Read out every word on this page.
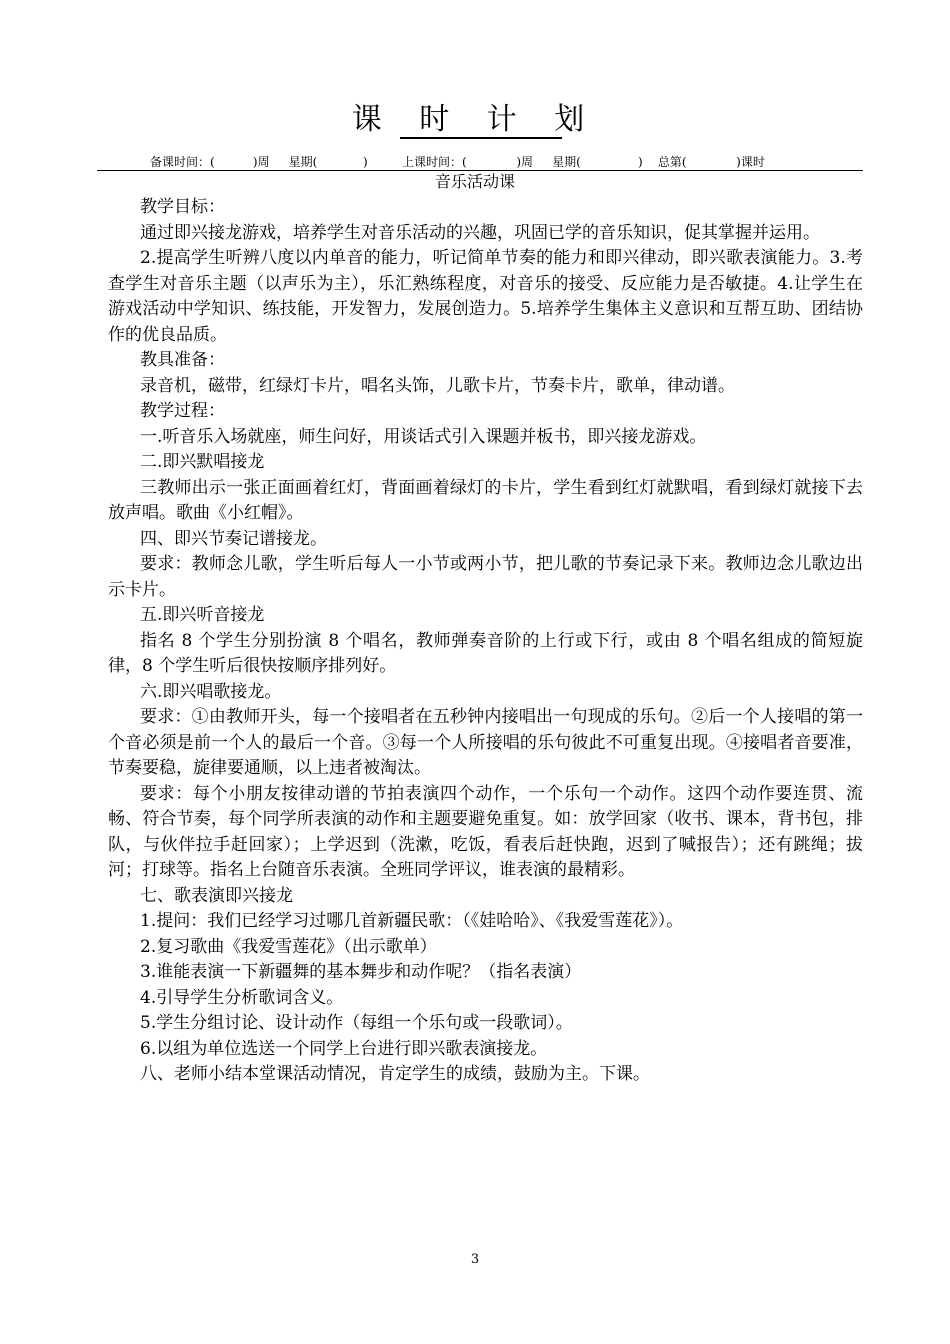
课 时 计 划
备课时间：(          )周     星期(            )         上课时间：(             )周     星期(               )    总第(             )课时
音乐活动课

教学目标：

通过即兴接龙游戏，培养学生对音乐活动的兴趣，巩固已学的音乐知识，促其掌握并运用。

2.提高学生听辨八度以内单音的能力，听记简单节奏的能力和即兴律动，即兴歌表演能力。3.考查学生对音乐主题（以声乐为主），乐汇熟练程度，对音乐的接受、反应能力是否敏捷。4.让学生在游戏活动中学知识、练技能，开发智力，发展创造力。5.培养学生集体主义意识和互帮互助、团结协作的优良品质。

教具准备：

录音机，磁带，红绿灯卡片，唱名头饰，儿歌卡片，节奏卡片，歌单，律动谱。

教学过程：

一.听音乐入场就座，师生问好，用谈话式引入课题并板书，即兴接龙游戏。

二.即兴默唱接龙

三教师出示一张正面画着红灯，背面画着绿灯的卡片，学生看到红灯就默唱，看到绿灯就接下去放声唱。歌曲《小红帽》。

四、即兴节奏记谱接龙。

要求：教师念儿歌，学生听后每人一小节或两小节，把儿歌的节奏记录下来。教师边念儿歌边出示卡片。

五.即兴听音接龙

指名 8 个学生分别扮演 8 个唱名，教师弹奏音阶的上行或下行，或由 8 个唱名组成的简短旋律，8 个学生听后很快按顺序排列好。

六.即兴唱歌接龙。

要求：①由教师开头，每一个接唱者在五秒钟内接唱出一句现成的乐句。②后一个人接唱的第一个音必须是前一个人的最后一个音。③每一个人所接唱的乐句彼此不可重复出现。④接唱者音要准，节奏要稳，旋律要通顺，以上违者被淘汰。

要求：每个小朋友按律动谱的节拍表演四个动作，一个乐句一个动作。这四个动作要连贯、流畅、符合节奏，每个同学所表演的动作和主题要避免重复。如：放学回家（收书、课本，背书包，排队，与伙伴拉手赶回家）；上学迟到（洗漱，吃饭，看表后赶快跑，迟到了喊报告）；还有跳绳；拔河；打球等。指名上台随音乐表演。全班同学评议，谁表演的最精彩。

七、歌表演即兴接龙

1.提问：我们已经学习过哪几首新疆民歌：（《娃哈哈》、《我爱雪莲花》）。

2.复习歌曲《我爱雪莲花》（出示歌单）

3.谁能表演一下新疆舞的基本舞步和动作呢？（指名表演）

4.引导学生分析歌词含义。

5.学生分组讨论、设计动作（每组一个乐句或一段歌词）。

6.以组为单位选送一个同学上台进行即兴歌表演接龙。

八、老师小结本堂课活动情况，肯定学生的成绩，鼓励为主。下课。

3
